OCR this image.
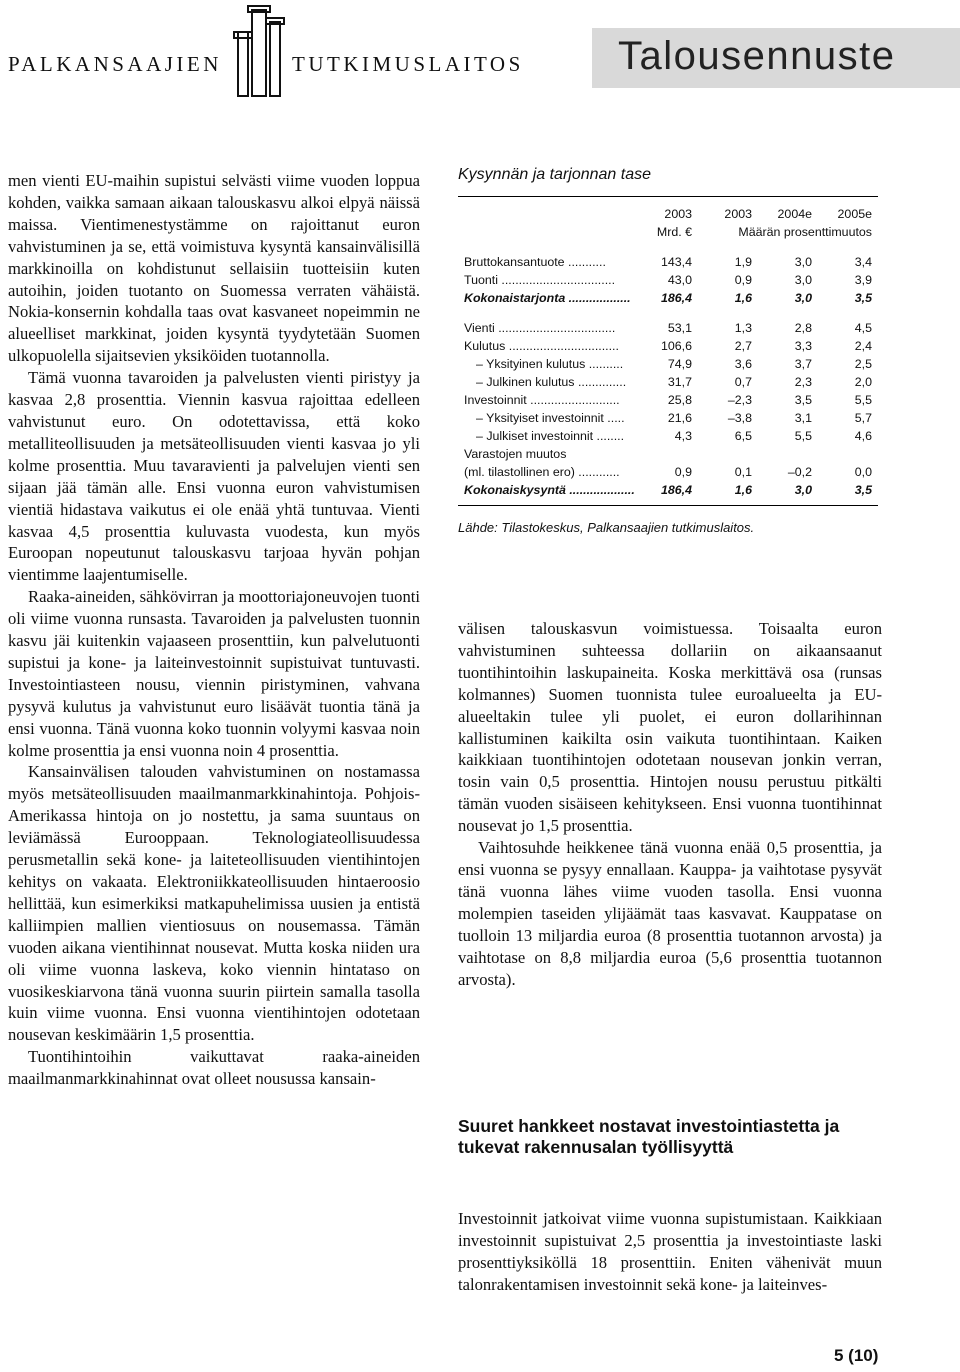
PALKANSAAJIEN	TUTKIMUSLAITOS Talousennuste

men vienti EU-maihin supistui selvästi viime vuoden loppua kohden, vaikka samaan aikaan talouskasvu alkoi elpyä näissä maissa. Vientimenestystämme on rajoittanut euron vahvistuminen ja se, että voimistuva kysyntä kansainvälisillä markkinoilla on kohdistunut sellaisiin tuotteisiin kuten autoihin, joiden tuotanto on Suomessa verraten vähäistä. Nokia-konsernin kohdalla taas ovat kasvaneet nopeimmin ne alueelliset markkinat, joiden kysyntä tyydytetään Suomen ulkopuolella sijaitsevien yksiköiden tuotannolla.

Tämä vuonna tavaroiden ja palvelusten vienti piristyy ja kasvaa 2,8 prosenttia. Viennin kasvua rajoittaa edelleen vahvistunut euro. On odotettavissa, että koko metalliteollisuuden ja metsäteollisuuden vienti kasvaa jo yli kolme prosenttia. Muu tavaravienti ja palvelujen vienti sen sijaan jää tämän alle. Ensi vuonna euron vahvistumisen vientiä hidastava vaikutus ei ole enää yhtä tuntuvaa. Vienti kasvaa 4,5 prosenttia kuluvasta vuodesta, kun myös Euroopan nopeutunut talouskasvu tarjoaa hyvän pohjan vientimme laajentumiselle.

Raaka-aineiden, sähkövirran ja moottoriajoneuvojen tuonti oli viime vuonna runsasta. Tavaroiden ja palvelusten tuonnin kasvu jäi kuitenkin vajaaseen prosenttiin, kun palvelutuonti supistui ja kone- ja laiteinvestoinnit supistuivat tuntuvasti. Investointiasteen nousu, viennin piristyminen, vahvana pysyvä kulutus ja vahvistunut euro lisäävät tuontia tänä ja ensi vuonna. Tänä vuonna koko tuonnin volyymi kasvaa noin kolme prosenttia ja ensi vuonna noin 4 prosenttia.

Kansainvälisen talouden vahvistuminen on nostamassa myös metsäteollisuuden maailmanmarkkinahintoja. Pohjois-Amerikassa hintoja on jo nostettu, ja sama suuntaus on leviämässä Eurooppaan. Teknologiateollisuudessa perusmetallin sekä kone- ja laiteteollisuuden vientihintojen kehitys on vakaata. Elektroniikkateollisuuden hintaeroosio hellittää, kun esimerkiksi matkapuhelimissa uusien ja entistä kalliimpien mallien vientiosuus on nousemassa. Tämän vuoden aikana vientihinnat nousevat. Mutta koska niiden ura oli viime vuonna laskeva, koko viennin hintataso on vuosikeskiarvona tänä vuonna suurin piirtein samalla tasolla kuin viime vuonna. Ensi vuonna vientihintojen odotetaan nousevan keskimäärin 1,5 prosenttia.

Tuontihintoihin vaikuttavat raaka-aineiden maailmanmarkkinahinnat ovat olleet nousussa kansain-

Kysynnän ja tarjonnan tase
2003	2003	2004e	2005e
Mrd. €	Määrän prosenttimuutos
Bruttokansantuote ...........	143,4	1,9	3,0	3,4
Tuonti .................................	43,0	0,9	3,0	3,9
Kokonaistarjonta ..................	186,4	1,6	3,0	3,5
Vienti ..................................	53,1	1,3	2,8	4,5
Kulutus ................................	106,6	2,7	3,3	2,4
– Yksityinen kulutus ..........	74,9	3,6	3,7	2,5
– Julkinen kulutus ..............	31,7	0,7	2,3	2,0
Investoinnit ..........................	25,8	–2,3	3,5	5,5
– Yksityiset investoinnit .....	21,6	–3,8	3,1	5,7
– Julkiset investoinnit ........	4,3	6,5	5,5	4,6
Varastojen muutos
(ml. tilastollinen ero) ............	0,9	0,1	–0,2	0,0
Kokonaiskysyntä ...................	186,4	1,6	3,0	3,5
Lähde: Tilastokeskus, Palkansaajien tutkimuslaitos.

välisen talouskasvun voimistuessa. Toisaalta euron vahvistuminen suhteessa dollariin on aikaansaanut tuontihintoihin laskupaineita. Koska merkittävä osa (runsas kolmannes) Suomen tuonnista tulee euroalueelta ja EU-alueeltakin tulee yli puolet, ei euron dollarihinnan kallistuminen kaikilta osin vaikuta tuontihintaan. Kaiken kaikkiaan tuontihintojen odotetaan nousevan jonkin verran, tosin vain 0,5 prosenttia. Hintojen nousu perustuu pitkälti tämän vuoden sisäiseen kehitykseen. Ensi vuonna tuontihinnat nousevat jo 1,5 prosenttia.

Vaihtosuhde heikkenee tänä vuonna enää 0,5 prosenttia, ja ensi vuonna se pysyy ennallaan. Kauppa- ja vaihtotase pysyvät tänä vuonna lähes viime vuoden tasolla. Ensi vuonna molempien taseiden ylijäämät taas kasvavat. Kauppatase on tuolloin 13 miljardia euroa (8 prosenttia tuotannon arvosta) ja vaihtotase on 8,8 miljardia euroa (5,6 prosenttia tuotannon arvosta).

Suuret hankkeet nostavat investointiastetta ja tukevat rakennusalan työllisyyttä

Investoinnit jatkoivat viime vuonna supistumistaan. Kaikkiaan investoinnit supistuivat 2,5 prosenttia ja investointiaste laski prosenttiyksiköllä 18 prosenttiin. Eniten vähenivät muun talonrakentamisen investoinnit sekä kone- ja laiteinves-

5 (10)
